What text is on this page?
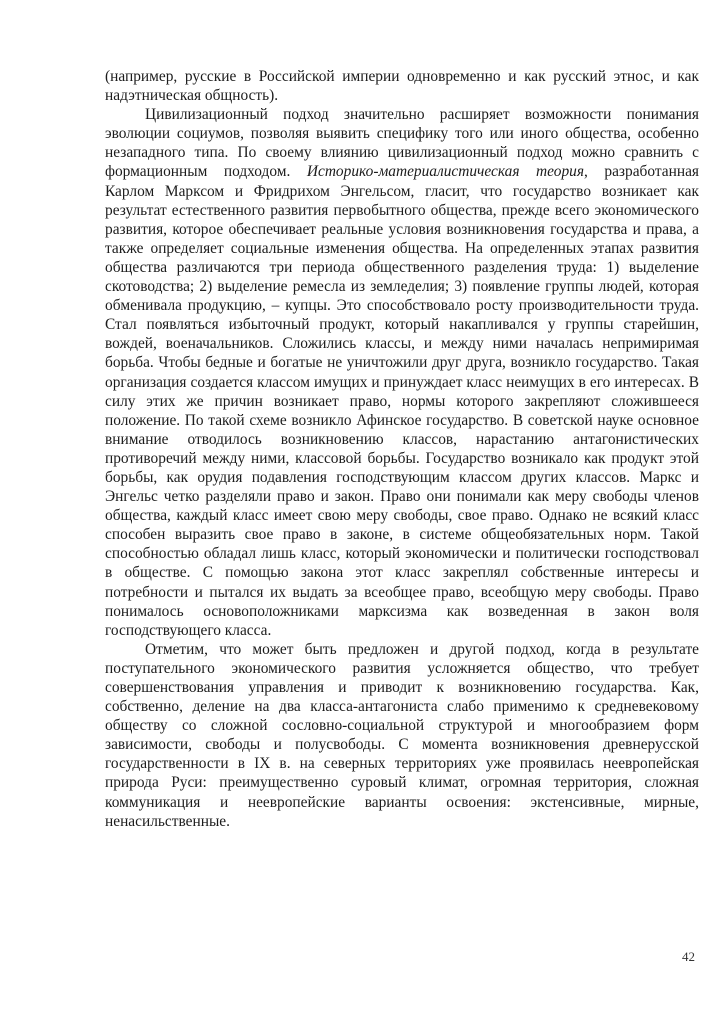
(например, русские в Российской империи одновременно и как русский этнос, и как надэтническая общность).

Цивилизационный подход значительно расширяет возможности понимания эволюции социумов, позволяя выявить специфику того или иного общества, особенно незападного типа. По своему влиянию цивилизационный подход можно сравнить с формационным подходом. Историко-материалистическая теория, разработанная Карлом Марксом и Фридрихом Энгельсом, гласит, что государство возникает как результат естественного развития первобытного общества, прежде всего экономического развития, которое обеспечивает реальные условия возникновения государства и права, а также определяет социальные изменения общества. На определенных этапах развития общества различаются три периода общественного разделения труда: 1) выделение скотоводства; 2) выделение ремесла из земледелия; 3) появление группы людей, которая обменивала продукцию, – купцы. Это способствовало росту производительности труда. Стал появляться избыточный продукт, который накапливался у группы старейшин, вождей, военачальников. Сложились классы, и между ними началась непримиримая борьба. Чтобы бедные и богатые не уничтожили друг друга, возникло государство. Такая организация создается классом имущих и принуждает класс неимущих в его интересах. В силу этих же причин возникает право, нормы которого закрепляют сложившееся положение. По такой схеме возникло Афинское государство. В советской науке основное внимание отводилось возникновению классов, нарастанию антагонистических противоречий между ними, классовой борьбы. Государство возникало как продукт этой борьбы, как орудия подавления господствующим классом других классов. Маркс и Энгельс четко разделяли право и закон. Право они понимали как меру свободы членов общества, каждый класс имеет свою меру свободы, свое право. Однако не всякий класс способен выразить свое право в законе, в системе общеобязательных норм. Такой способностью обладал лишь класс, который экономически и политически господствовал в обществе. С помощью закона этот класс закреплял собственные интересы и потребности и пытался их выдать за всеобщее право, всеобщую меру свободы. Право понималось основоположниками марксизма как возведенная в закон воля господствующего класса.

Отметим, что может быть предложен и другой подход, когда в результате поступательного экономического развития усложняется общество, что требует совершенствования управления и приводит к возникновению государства. Как, собственно, деление на два класса-антагониста слабо применимо к средневековому обществу со сложной сословно-социальной структурой и многообразием форм зависимости, свободы и полусвободы. С момента возникновения древнерусской государственности в IX в. на северных территориях уже проявилась неевропейская природа Руси: преимущественно суровый климат, огромная территория, сложная коммуникация и неевропейские варианты освоения: экстенсивные, мирные, ненасильственные.

42
